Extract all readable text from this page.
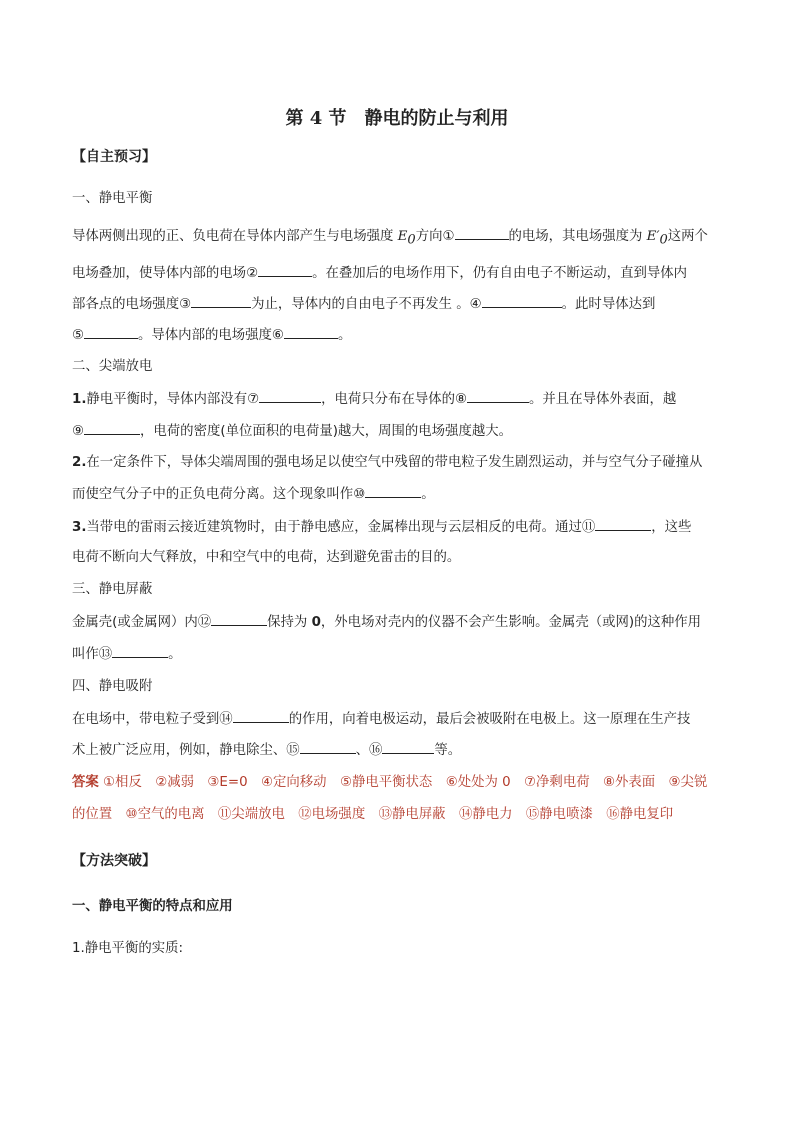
第 4 节　静电的防止与利用
【自主预习】
一、静电平衡
导体两侧出现的正、负电荷在导体内部产生与电场强度 $E_0$方向①	的电场，其电场强度为 $E'_0$这两个
电场叠加，使导体内部的电场②	。在叠加后的电场作用下，仍有自由电子不断运动，直到导体内
部各点的电场强度③	为止，导体内的自由电子不再发生 。④	。此时导体达到
⑤	。导体内部的电场强度⑥	。
二、尖端放电
1.静电平衡时，导体内部没有⑦	，电荷只分布在导体的⑧	。并且在导体外表面，越
⑨	，电荷的密度(单位面积的电荷量)越大，周围的电场强度越大。
2.在一定条件下，导体尖端周围的强电场足以使空气中残留的带电粒子发生剧烈运动，并与空气分子碰撞从
而使空气分子中的正负电荷分离。这个现象叫作⑩	。
3.当带电的雷雨云接近建筑物时，由于静电感应，金属棒出现与云层相反的电荷。通过⑪	，这些
电荷不断向大气释放，中和空气中的电荷，达到避免雷击的目的。
三、静电屏蔽
金属壳(或金属网）内⑫	保持为 0，外电场对壳内的仪器不会产生影响。金属壳（或网)的这种作用
叫作⑬	。
四、静电吸附
在电场中，带电粒子受到⑭	的作用，向着电极运动，最后会被吸附在电极上。这一原理在生产技
术上被广泛应用，例如，静电除尘、⑮	、⑯	等。
答案 ①相反　②减弱　③E=0　④定向移动　⑤静电平衡状态　⑥处处为 0　⑦净剩电荷　⑧外表面　⑨尖锐
的位置　⑩空气的电离　⑪尖端放电　⑫电场强度　⑬静电屏蔽　⑭静电力　⑮静电喷漆　⑯静电复印
【方法突破】
一、静电平衡的特点和应用
1.静电平衡的实质:
